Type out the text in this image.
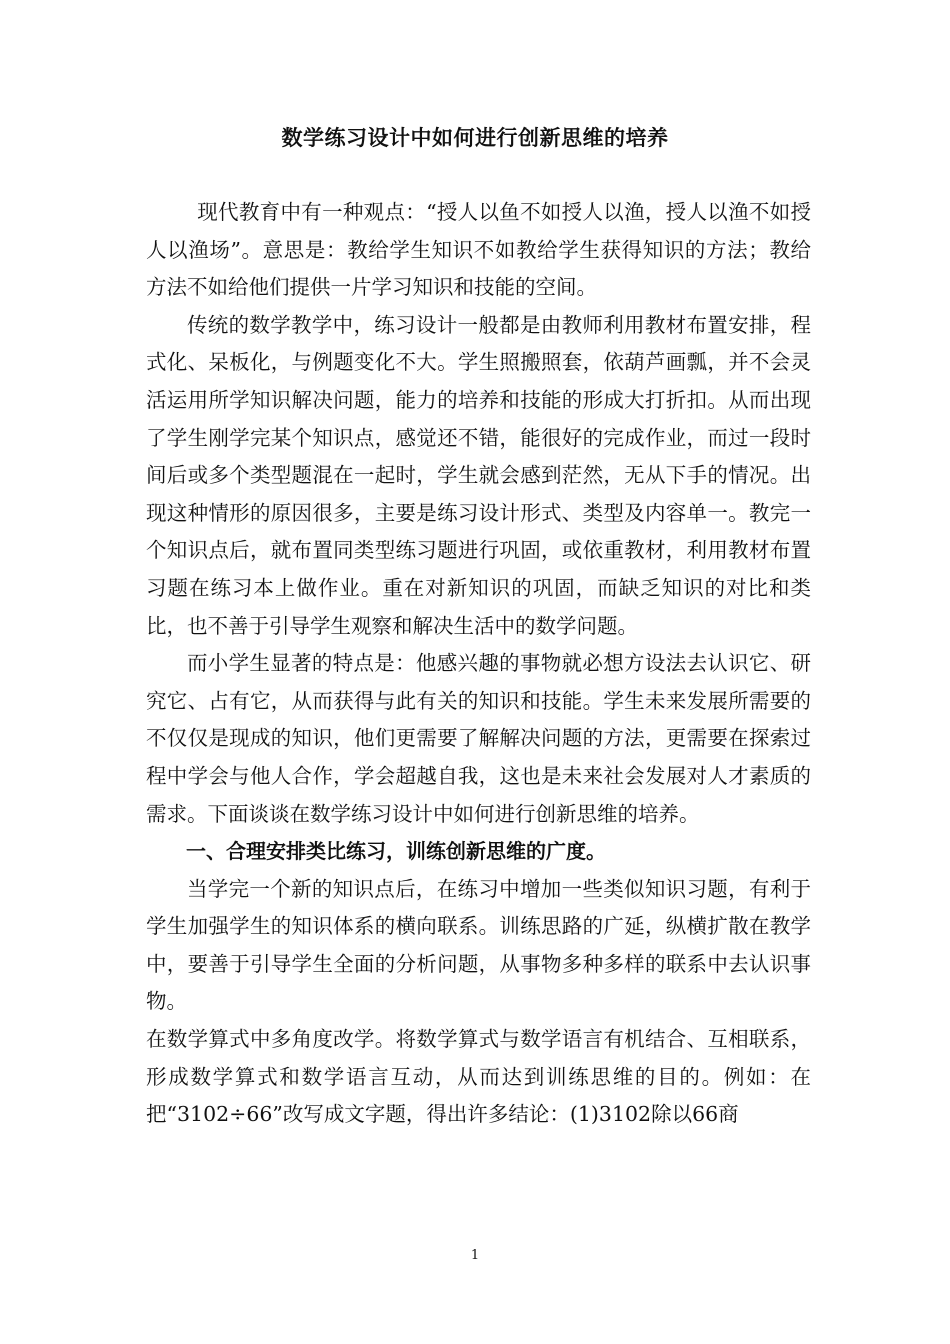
数学练习设计中如何进行创新思维的培养

现代教育中有一种观点：“授人以鱼不如授人以渔，授人以渔不如授人以渔场”。意思是：教给学生知识不如教给学生获得知识的方法；教给方法不如给他们提供一片学习知识和技能的空间。

传统的数学教学中，练习设计一般都是由教师利用教材布置安排，程式化、呆板化，与例题变化不大。学生照搬照套，依葫芦画瓢，并不会灵活运用所学知识解决问题，能力的培养和技能的形成大打折扣。从而出现了学生刚学完某个知识点，感觉还不错，能很好的完成作业，而过一段时间后或多个类型题混在一起时，学生就会感到茫然，无从下手的情况。出现这种情形的原因很多，主要是练习设计形式、类型及内容单一。教完一个知识点后，就布置同类型练习题进行巩固，或依重教材，利用教材布置习题在练习本上做作业。重在对新知识的巩固，而缺乏知识的对比和类比，也不善于引导学生观察和解决生活中的数学问题。

而小学生显著的特点是：他感兴趣的事物就必想方设法去认识它、研究它、占有它，从而获得与此有关的知识和技能。学生未来发展所需要的不仅仅是现成的知识，他们更需要了解解决问题的方法，更需要在探索过程中学会与他人合作，学会超越自我，这也是未来社会发展对人才素质的需求。下面谈谈在数学练习设计中如何进行创新思维的培养。

一、合理安排类比练习，训练创新思维的广度。

当学完一个新的知识点后，在练习中增加一些类似知识习题，有利于学生加强学生的知识体系的横向联系。训练思路的广延，纵横扩散在教学中，要善于引导学生全面的分析问题，从事物多种多样的联系中去认识事物。

在数学算式中多角度改学。将数学算式与数学语言有机结合、互相联系，形成数学算式和数学语言互动，从而达到训练思维的目的。例如：在把“3102÷66”改写成文字题，得出许多结论：(1)3102除以66商

1
